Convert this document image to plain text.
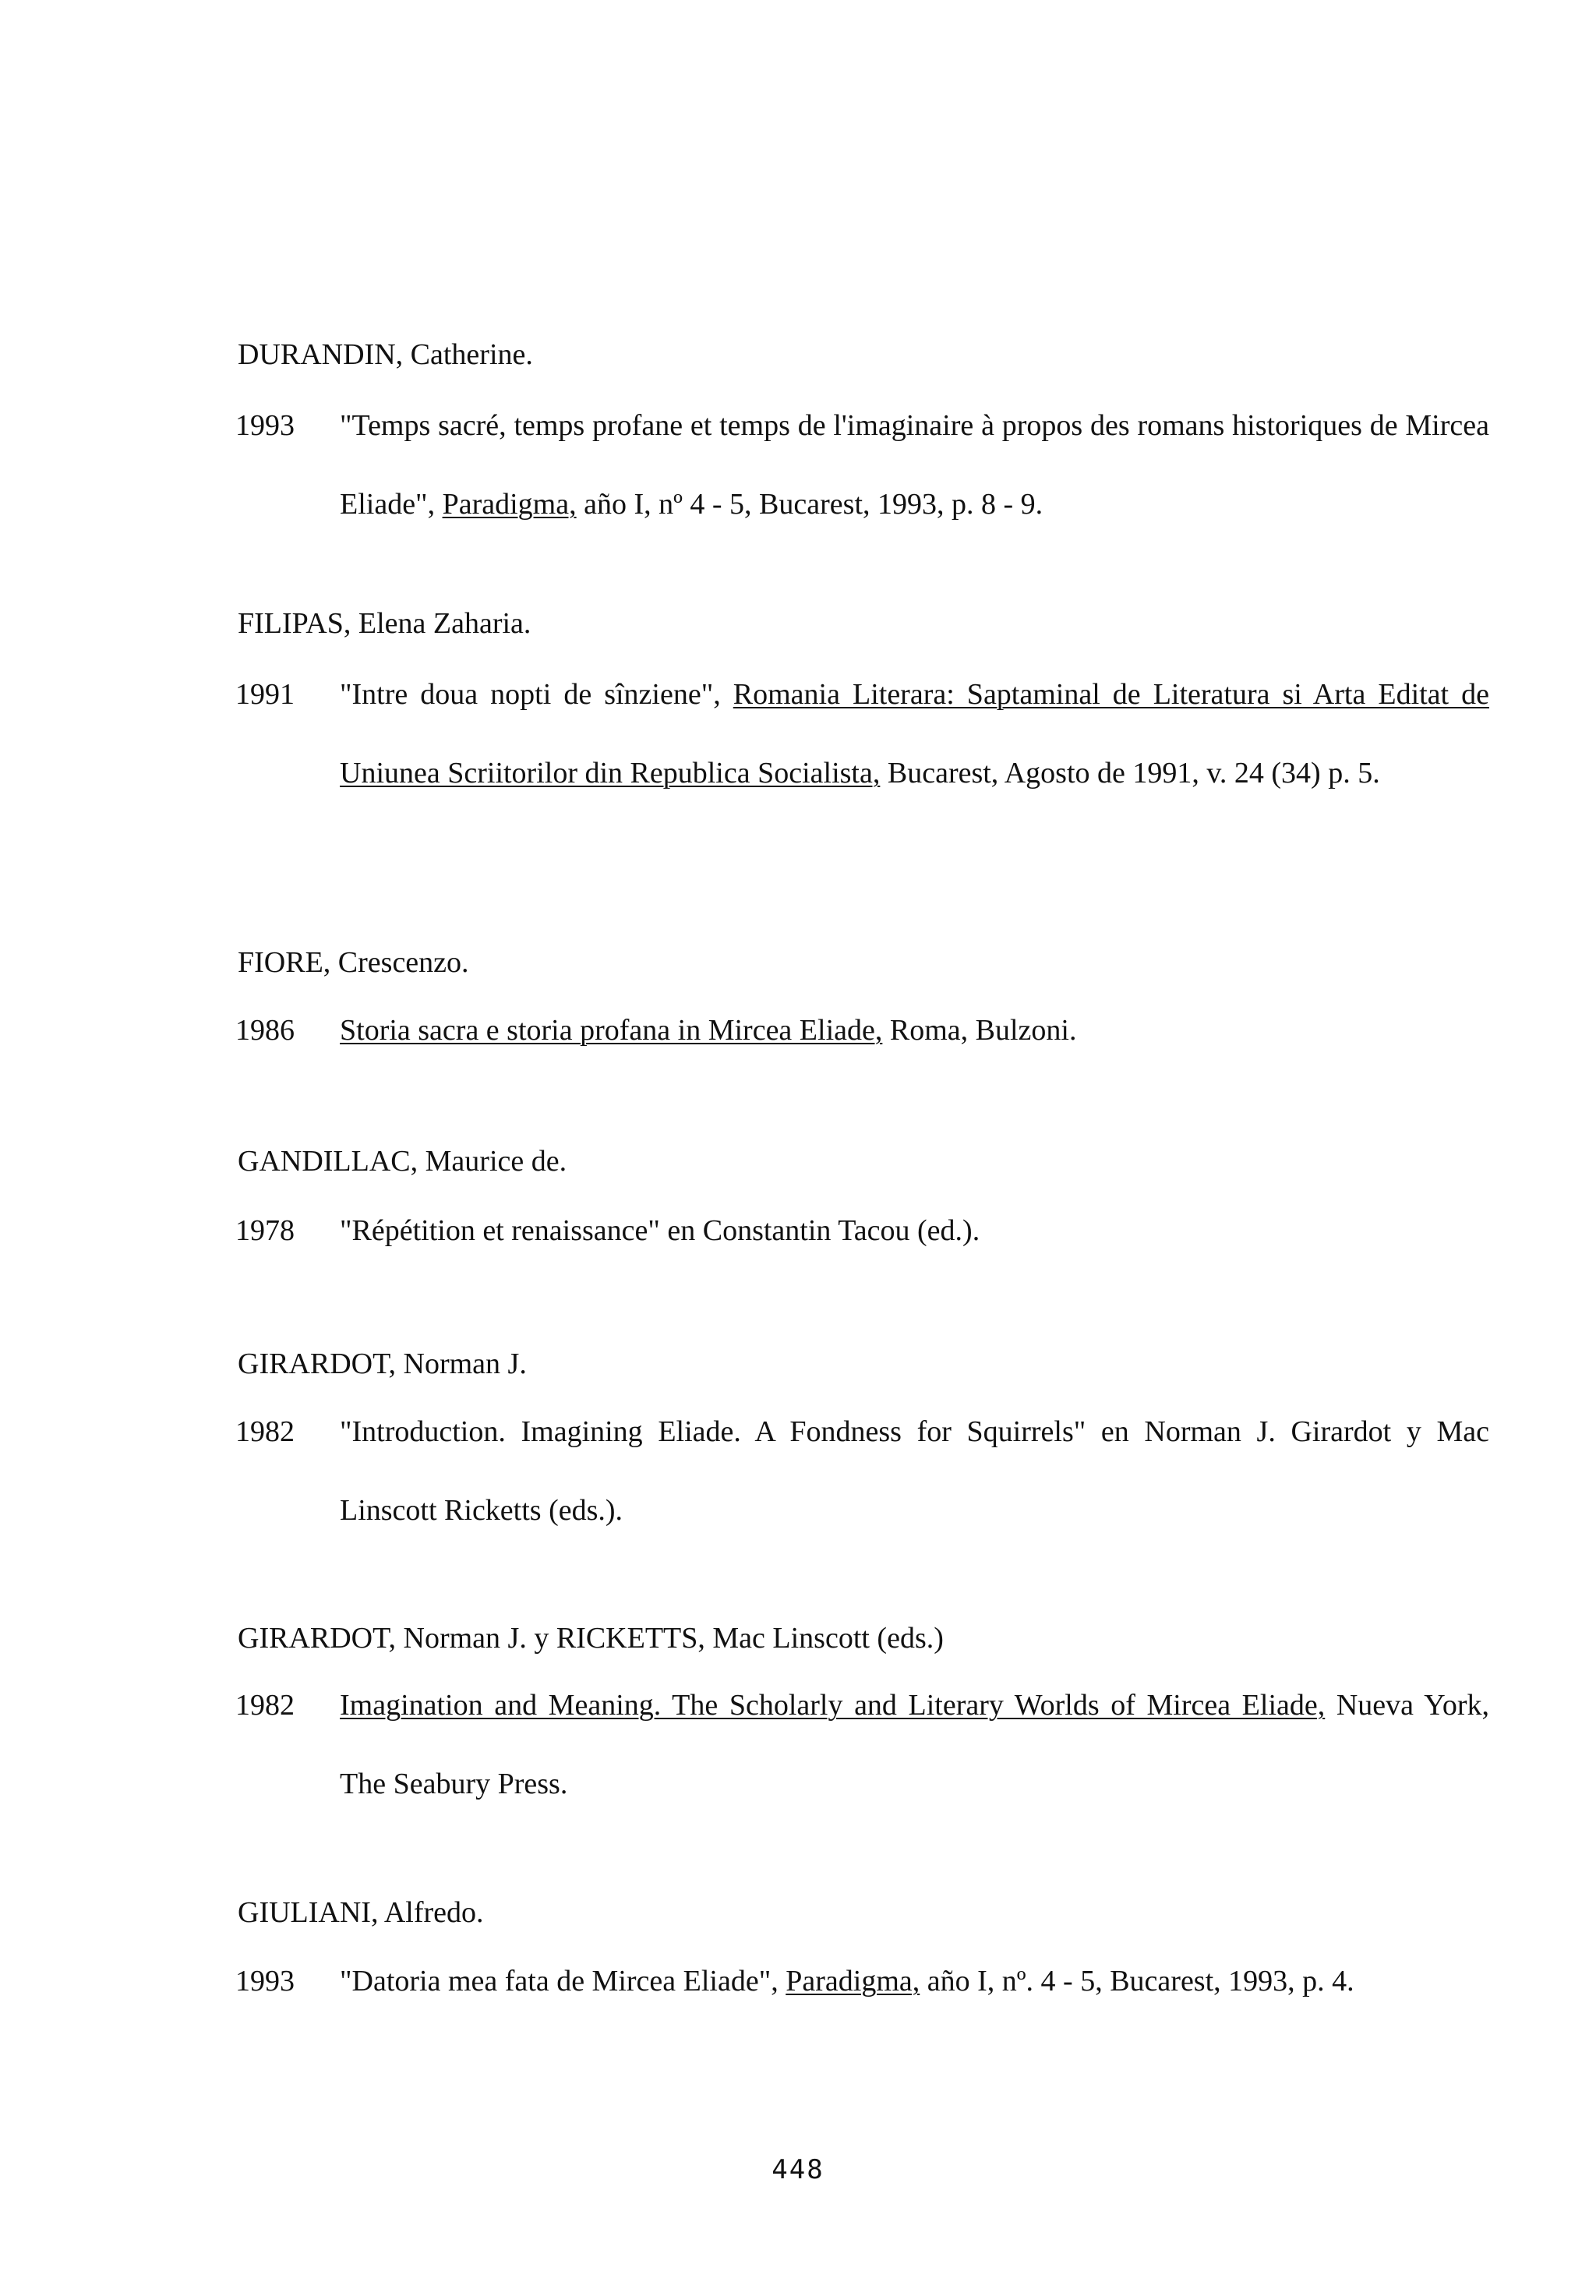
DURANDIN, Catherine.
1993 "Temps sacré, temps profane et temps de l'imaginaire à propos des romans historiques de Mircea Eliade", Paradigma, año I, nº 4 - 5, Bucarest, 1993, p. 8 - 9.
FILIPAS, Elena Zaharia.
1991 "Intre doua nopti de sînziene", Romania Literara: Saptaminal de Literatura si Arta Editat de Uniunea Scriitorilor din Republica Socialista, Bucarest, Agosto de 1991, v. 24 (34) p. 5.
FIORE, Crescenzo.
1986 Storia sacra e storia profana in Mircea Eliade, Roma, Bulzoni.
GANDILLAC, Maurice de.
1978 "Répétition et renaissance" en Constantin Tacou (ed.).
GIRARDOT, Norman J.
1982 "Introduction. Imagining Eliade. A Fondness for Squirrels" en Norman J. Girardot y Mac Linscott Ricketts (eds.).
GIRARDOT, Norman J. y RICKETTS, Mac Linscott (eds.)
1982 Imagination and Meaning. The Scholarly and Literary Worlds of Mircea Eliade, Nueva York, The Seabury Press.
GIULIANI, Alfredo.
1993 "Datoria mea fata de Mircea Eliade", Paradigma, año I, nº. 4 - 5, Bucarest, 1993, p. 4.
448
